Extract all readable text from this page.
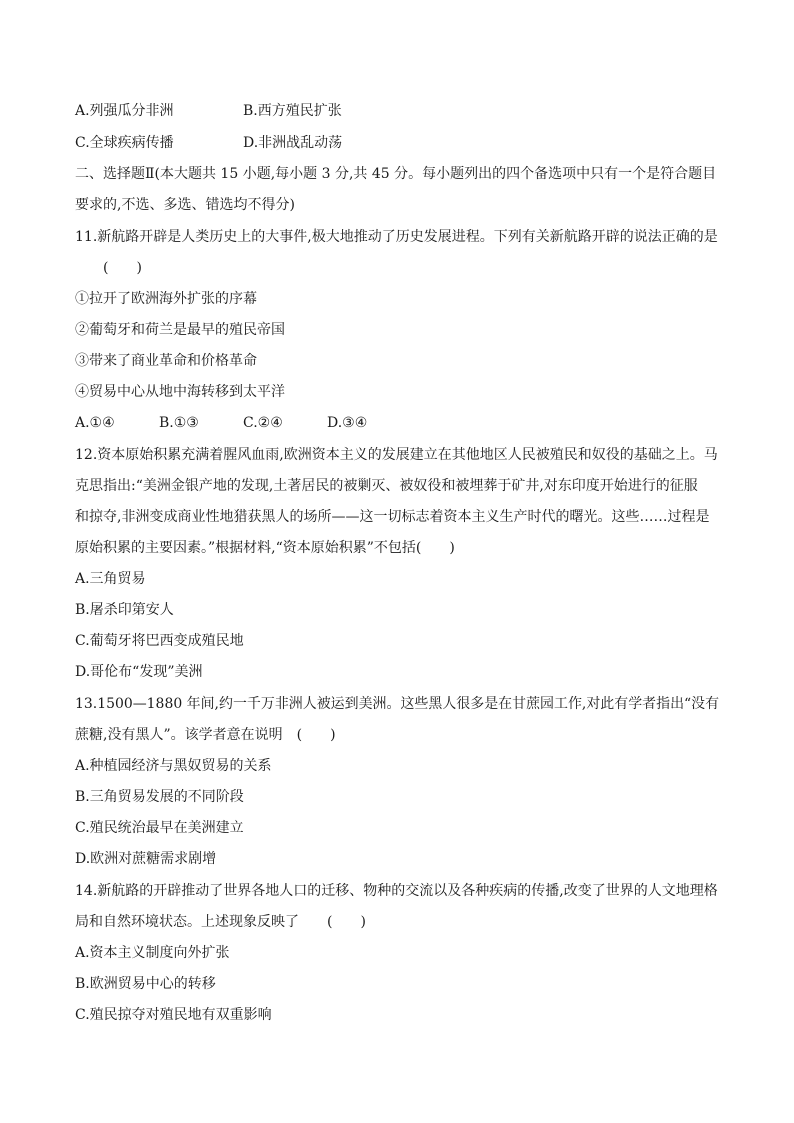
A.列强瓜分非洲	B.西方殖民扩张
C.全球疾病传播	D.非洲战乱动荡
二、选择题Ⅱ(本大题共 15 小题,每小题 3 分,共 45 分。每小题列出的四个备选项中只有一个是符合题目
要求的,不选、多选、错选均不得分)
11.新航路开辟是人类历史上的大事件,极大地推动了历史发展进程。下列有关新航路开辟的说法正确的是
(　　)
①拉开了欧洲海外扩张的序幕
②葡萄牙和荷兰是最早的殖民帝国
③带来了商业革命和价格革命
④贸易中心从地中海转移到太平洋
A.①④	B.①③	C.②④	D.③④
12.资本原始积累充满着腥风血雨,欧洲资本主义的发展建立在其他地区人民被殖民和奴役的基础之上。马
克思指出:“美洲金银产地的发现,土著居民的被剿灭、被奴役和被埋葬于矿井,对东印度开始进行的征服
和掠夺,非洲变成商业性地猎获黑人的场所——这一切标志着资本主义生产时代的曙光。这些……过程是
原始积累的主要因素。”根据材料,“资本原始积累”不包括(　　)
A.三角贸易
B.屠杀印第安人
C.葡萄牙将巴西变成殖民地
D.哥伦布“发现”美洲
13.1500—1880 年间,约一千万非洲人被运到美洲。这些黑人很多是在甘蔗园工作,对此有学者指出“没有
蔗糖,没有黑人”。该学者意在说明　(　　)
A.种植园经济与黑奴贸易的关系
B.三角贸易发展的不同阶段
C.殖民统治最早在美洲建立
D.欧洲对蔗糖需求剧增
14.新航路的开辟推动了世界各地人口的迁移、物种的交流以及各种疾病的传播,改变了世界的人文地理格
局和自然环境状态。上述现象反映了　　(　　)
A.资本主义制度向外扩张
B.欧洲贸易中心的转移
C.殖民掠夺对殖民地有双重影响
